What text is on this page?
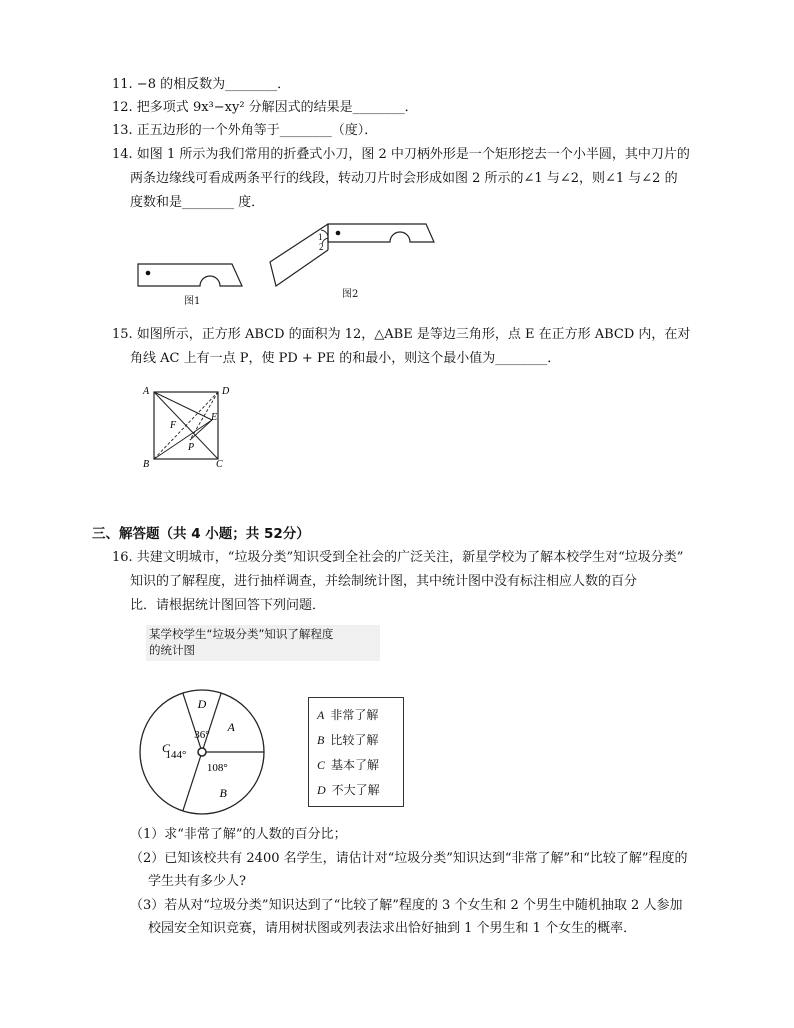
11. −8 的相反数为________．
12. 把多项式 9x³−xy² 分解因式的结果是________．
13. 正五边形的一个外角等于________（度）．
14. 如图 1 所示为我们常用的折叠式小刀，图 2 中刀柄外形是一个矩形挖去一个小半圆，其中刀片的
两条边缘线可看成两条平行的线段，转动刀片时会形成如图 2 所示的∠1 与∠2，则∠1 与∠2 的
度数和是________ 度．
图1
1
2
图2
15. 如图所示，正方形 ABCD 的面积为 12，△ABE 是等边三角形，点 E 在正方形 ABCD 内，在对
角线 AC 上有一点 P，使 PD + PE 的和最小，则这个最小值为________．
A	D
B	C
E
F
P
三、解答题（共 4 小题；共 52分）
16. 共建文明城市，“垃圾分类”知识受到全社会的广泛关注，新星学校为了解本校学生对“垃圾分类”
知识的了解程度，进行抽样调查，并绘制统计图，其中统计图中没有标注相应人数的百分
比．请根据统计图回答下列问题．
某学校学生“垃圾分类”知识了解程度
的统计图
A
B
108°
C
144°
D
36°
A 非常了解
B 比较了解
C 基本了解
D 不大了解
（1）求“非常了解”的人数的百分比；
（2）已知该校共有 2400 名学生，请估计对“垃圾分类”知识达到“非常了解”和“比较了解”程度的
学生共有多少人?
（3）若从对“垃圾分类”知识达到了“比较了解”程度的 3 个女生和 2 个男生中随机抽取 2 人参加
校园安全知识竞赛，请用树状图或列表法求出恰好抽到 1 个男生和 1 个女生的概率．
